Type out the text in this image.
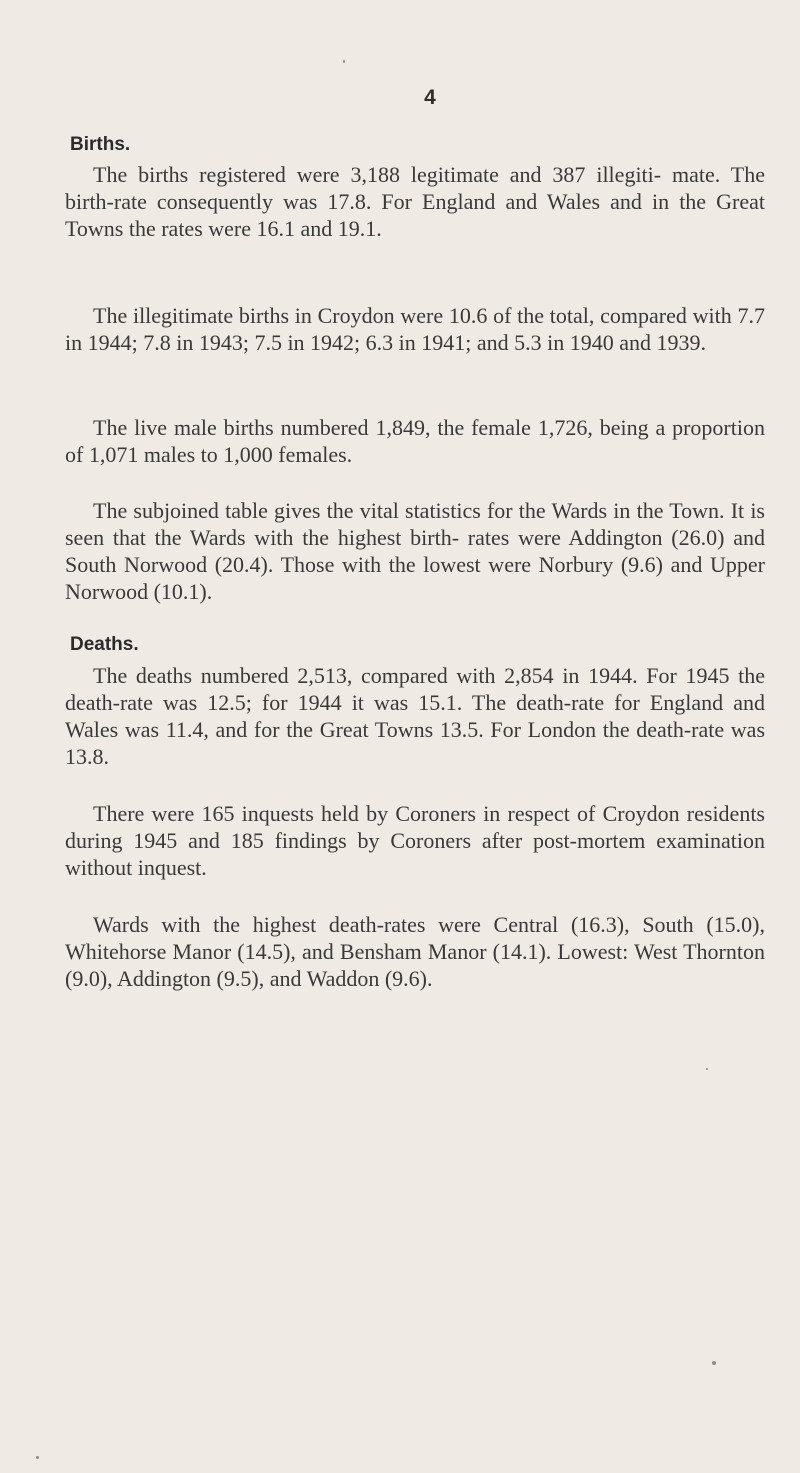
4
Births.

The births registered were 3,188 legitimate and 387 illegiti- mate. The birth-rate consequently was 17.8. For England and Wales and in the Great Towns the rates were 16.1 and 19.1.

The illegitimate births in Croydon were 10.6 of the total, compared with 7.7 in 1944; 7.8 in 1943; 7.5 in 1942; 6.3 in 1941; and 5.3 in 1940 and 1939.

The live male births numbered 1,849, the female 1,726, being a proportion of 1,071 males to 1,000 females.

The subjoined table gives the vital statistics for the Wards in the Town. It is seen that the Wards with the highest birth- rates were Addington (26.0) and South Norwood (20.4). Those with the lowest were Norbury (9.6) and Upper Norwood (10.1).

Deaths.

The deaths numbered 2,513, compared with 2,854 in 1944. For 1945 the death-rate was 12.5; for 1944 it was 15.1. The death-rate for England and Wales was 11.4, and for the Great Towns 13.5. For London the death-rate was 13.8.

There were 165 inquests held by Coroners in respect of Croydon residents during 1945 and 185 findings by Coroners after post-mortem examination without inquest.

Wards with the highest death-rates were Central (16.3), South (15.0), Whitehorse Manor (14.5), and Bensham Manor (14.1). Lowest: West Thornton (9.0), Addington (9.5), and Waddon (9.6).
